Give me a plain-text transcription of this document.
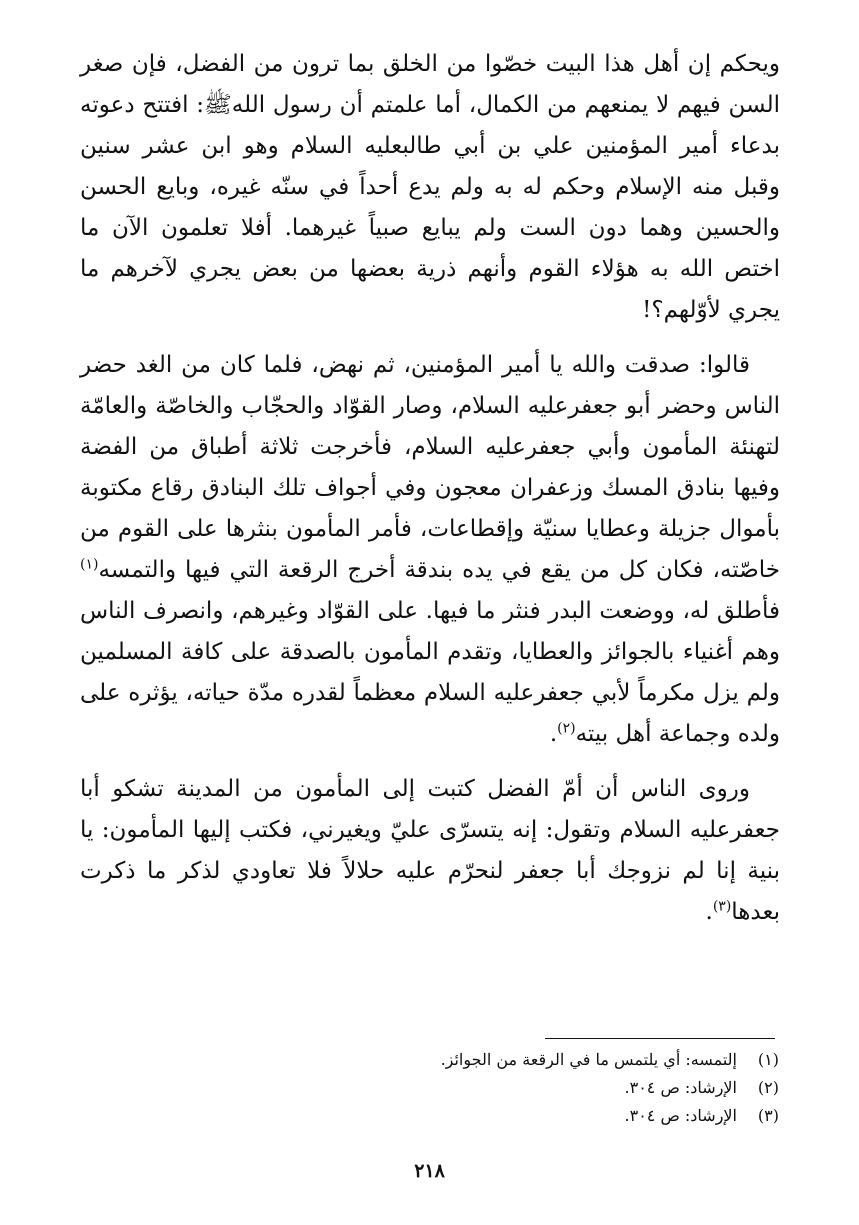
ويحكم إن أهل هذا البيت خصّوا من الخلق بما ترون من الفضل، فإن صغر السن فيهم لا يمنعهم من الكمال، أما علمتم أن رسول اللهﷺ: افتتح دعوته بدعاء أمير المؤمنين علي بن أبي طالبعليه السلام وهو ابن عشر سنين وقبل منه الإسلام وحكم له به ولم يدع أحداً في سنّه غيره، وبايع الحسن والحسين وهما دون الست ولم يبايع صبياً غيرهما. أفلا تعلمون الآن ما اختص الله به هؤلاء القوم وأنهم ذرية بعضها من بعض يجري لآخرهم ما يجري لأوّلهم؟!

قالوا: صدقت والله يا أمير المؤمنين، ثم نهض، فلما كان من الغد حضر الناس وحضر أبو جعفرعليه السلام، وصار القوّاد والحجّاب والخاصّة والعامّة لتهنئة المأمون وأبي جعفرعليه السلام، فأخرجت ثلاثة أطباق من الفضة وفيها بنادق المسك وزعفران معجون وفي أجواف تلك البنادق رقاع مكتوبة بأموال جزيلة وعطايا سنيّة وإقطاعات، فأمر المأمون بنثرها على القوم من خاصّته، فكان كل من يقع في يده بندقة أخرج الرقعة التي فيها والتمسه$^{(١)}$ فأطلق له، ووضعت البدر فنثر ما فيها. على القوّاد وغيرهم، وانصرف الناس وهم أغنياء بالجوائز والعطايا، وتقدم المأمون بالصدقة على كافة المسلمين ولم يزل مكرماً لأبي جعفرعليه السلام معظماً لقدره مدّة حياته، يؤثره على ولده وجماعة أهل بيته$^{(٢)}$.

وروى الناس أن أمّ الفضل كتبت إلى المأمون من المدينة تشكو أبا جعفرعليه السلام وتقول: إنه يتسرّى عليّ ويغيرني، فكتب إليها المأمون: يا بنية إنا لم نزوجك أبا جعفر لنحرّم عليه حلالاً فلا تعاودي لذكر ما ذكرت بعدها$^{(٣)}$.

(١)
إلتمسه: أي يلتمس ما في الرقعة من الجوائز.
(٢)
الإرشاد: ص ٣٠٤.
(٣)
الإرشاد: ص ٣٠٤.
٢١٨
